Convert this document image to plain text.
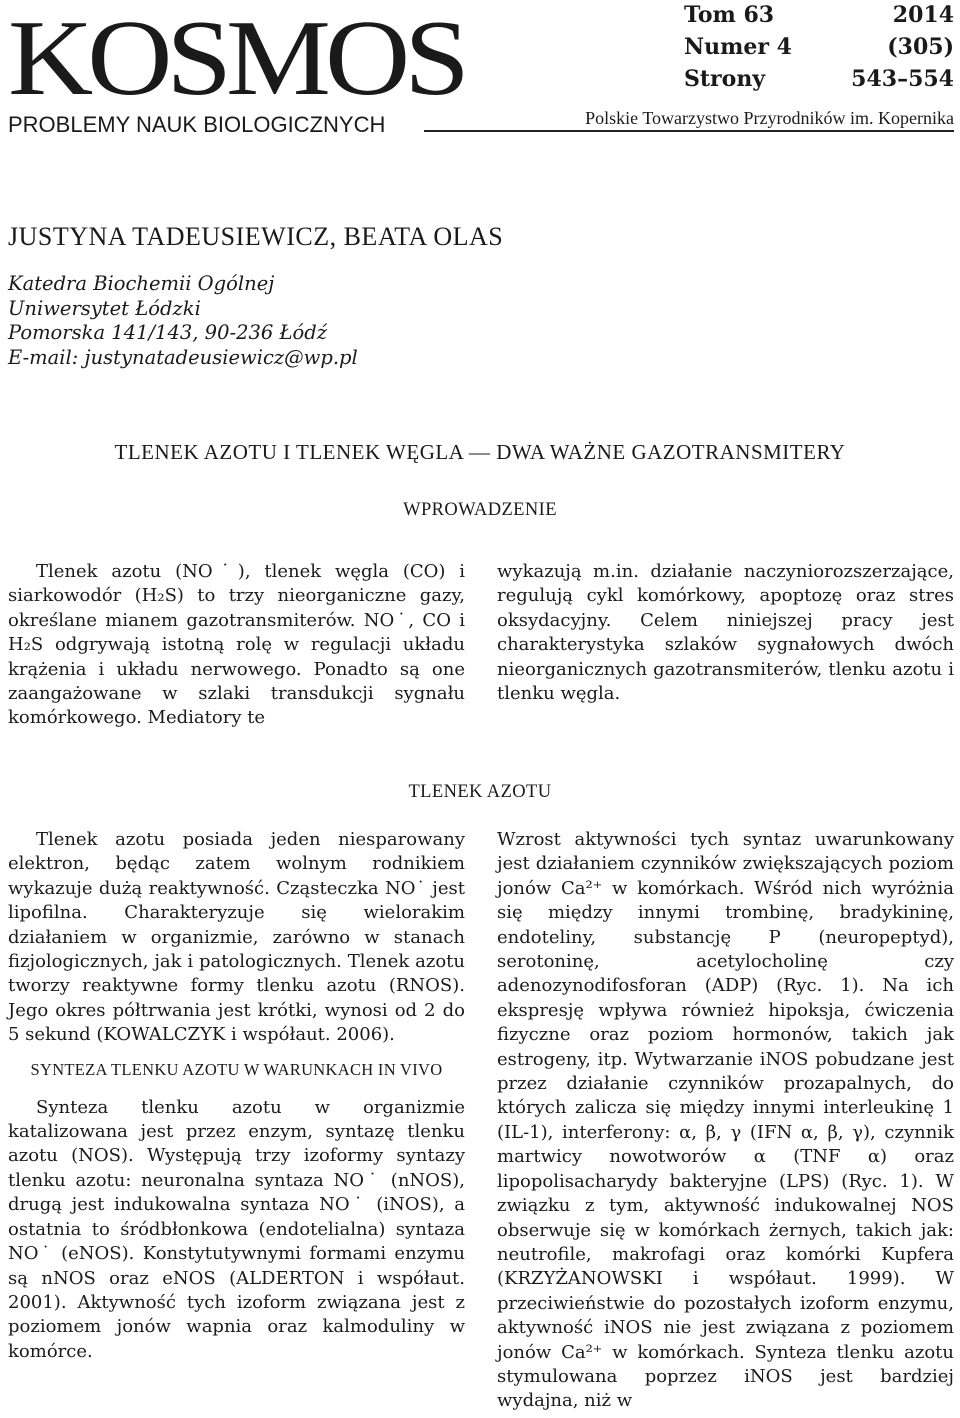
KOSMOS
PROBLEMY NAUK BIOLOGICZNYCH
Tom 63	2014
Numer 4	(305)
Strony	543–554
Polskie Towarzystwo Przyrodników im. Kopernika
JUSTYNA TADEUSIEWICZ, BEATA OLAS
Katedra Biochemii Ogólnej
Uniwersytet Łódzki
Pomorska 141/143, 90-236 Łódź
E-mail: justynatadeusiewicz@wp.pl
TLENEK AZOTU I TLENEK WĘGLA — DWA WAŻNE GAZOTRANSMITERY
WPROWADZENIE

Tlenek azotu (NO˙), tlenek węgla (CO) i siarkowodór (H₂S) to trzy nieorganiczne gazy, określane mianem gazotransmiterów. NO˙, CO i H₂S odgrywają istotną rolę w regulacji układu krążenia i układu nerwowego. Ponadto są one zaangażowane w szlaki transdukcji sygnału komórkowego. Mediatory te

wykazują m.in. działanie naczyniorozszerzające, regulują cykl komórkowy, apoptozę oraz stres oksydacyjny. Celem niniejszej pracy jest charakterystyka szlaków sygnałowych dwóch nieorganicznych gazotransmiterów, tlenku azotu i tlenku węgla.

TLENEK AZOTU

Tlenek azotu posiada jeden niesparowany elektron, będąc zatem wolnym rodnikiem wykazuje dużą reaktywność. Cząsteczka NO˙ jest lipofilna. Charakteryzuje się wielorakim działaniem w organizmie, zarówno w stanach fizjologicznych, jak i patologicznych. Tlenek azotu tworzy reaktywne formy tlenku azotu (RNOS). Jego okres półtrwania jest krótki, wynosi od 2 do 5 sekund (KOWALCZYK i współaut. 2006).

SYNTEZA TLENKU AZOTU W WARUNKACH IN VIVO

Synteza tlenku azotu w organizmie katalizowana jest przez enzym, syntazę tlenku azotu (NOS). Występują trzy izoformy syntazy tlenku azotu: neuronalna syntaza NO˙ (nNOS), drugą jest indukowalna syntaza NO˙ (iNOS), a ostatnia to śródbłonkowa (endotelialna) syntaza NO˙ (eNOS). Konstytutywnymi formami enzymu są nNOS oraz eNOS (ALDERTON i współaut. 2001). Aktywność tych izoform związana jest z poziomem jonów wapnia oraz kalmoduliny w komórce.

Wzrost aktywności tych syntaz uwarunkowany jest działaniem czynników zwiększających poziom jonów Ca²⁺ w komórkach. Wśród nich wyróżnia się między innymi trombinę, bradykininę, endoteliny, substancję P (neuropeptyd), serotoninę, acetylocholinę czy adenozynodifosforan (ADP) (Ryc. 1). Na ich ekspresję wpływa również hipoksja, ćwiczenia fizyczne oraz poziom hormonów, takich jak estrogeny, itp. Wytwarzanie iNOS pobudzane jest przez działanie czynników prozapalnych, do których zalicza się między innymi interleukinę 1 (IL-1), interferony: α, β, γ (IFN α, β, γ), czynnik martwicy nowotworów α (TNF α) oraz lipopolisacharydy bakteryjne (LPS) (Ryc. 1). W związku z tym, aktywność indukowalnej NOS obserwuje się w komórkach żernych, takich jak: neutrofile, makrofagi oraz komórki Kupfera (KRZYŻANOWSKI i współaut. 1999). W przeciwieństwie do pozostałych izoform enzymu, aktywność iNOS nie jest związana z poziomem jonów Ca²⁺ w komórkach. Synteza tlenku azotu stymulowana poprzez iNOS jest bardziej wydajna, niż w
